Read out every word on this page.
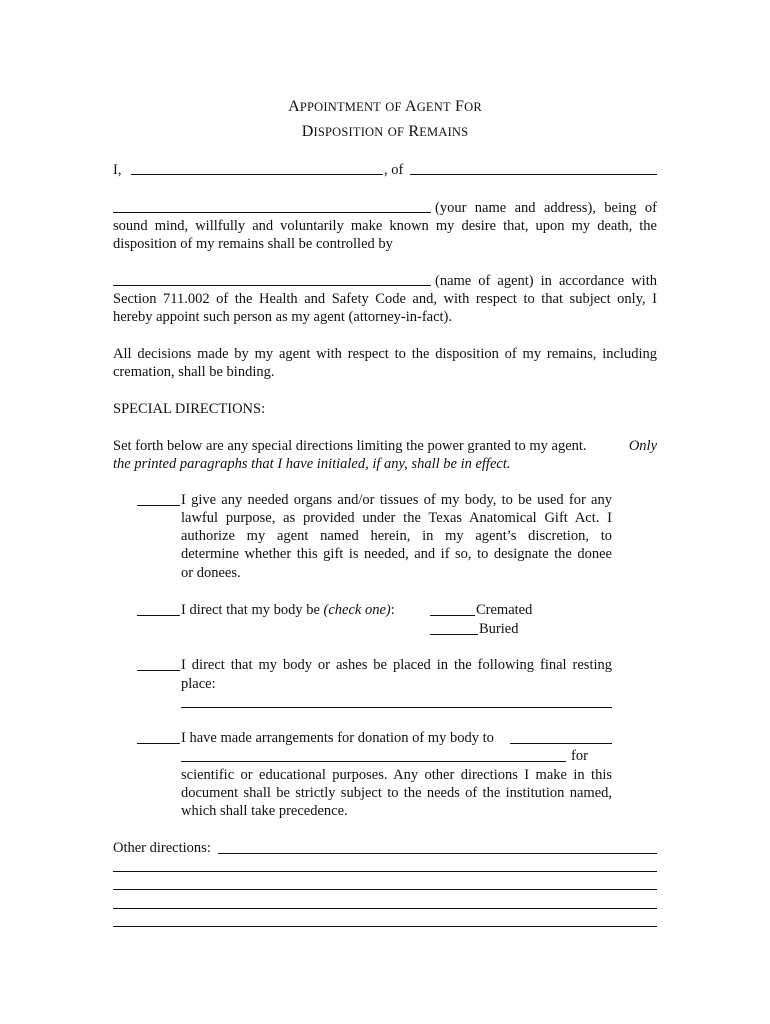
APPOINTMENT OF AGENT FOR
DISPOSITION OF REMAINS
I,	, of
(your name and address), being of
sound mind, willfully and voluntarily make known my desire that, upon my death, the
disposition of my remains shall be controlled by
(name of agent) in accordance with
Section 711.002 of the Health and Safety Code and, with respect to that subject only, I
hereby appoint such person as my agent (attorney-in-fact).
All decisions made by my agent with respect to the disposition of my remains, including
cremation, shall be binding.
SPECIAL DIRECTIONS:
Set forth below are any special directions limiting the power granted to my agent.	Only
the printed paragraphs that I have initialed, if any, shall be in effect.
I give any needed organs and/or tissues of my body, to be used for any
lawful purpose, as provided under the Texas Anatomical Gift Act. I
authorize my agent named herein, in my agent’s discretion, to
determine whether this gift is needed, and if so, to designate the donee
or donees.
I direct that my body be (check one):	Cremated
Buried
I direct that my body or ashes be placed in the following final resting
place:
I have made arrangements for donation of my body to
for
scientific or educational purposes. Any other directions I make in this
document shall be strictly subject to the needs of the institution named,
which shall take precedence.
Other directions:
